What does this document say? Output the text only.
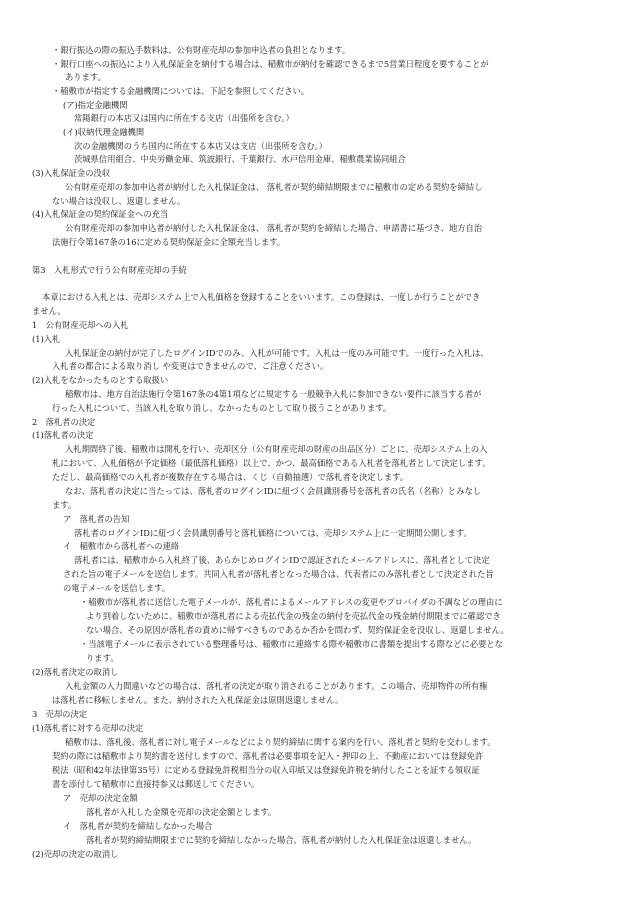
・銀行振込の際の振込手数料は、公有財産売却の参加申込者の負担となります。
・銀行口座への振込により入札保証金を納付する場合は、稲敷市が納付を確認できるまで5営業日程度を要することが
あります。
・稲敷市が指定する金融機関については、下記を参照してください。
(ア)指定金融機関
常陽銀行の本店又は国内に所在する支店（出張所を含む。）
(イ)収納代理金融機関
次の金融機関のうち国内に所在する本店又は支店（出張所を含む。）
茨城県信用組合、中央労働金庫、筑波銀行、千葉銀行、水戸信用金庫、稲敷農業協同組合
(3)入札保証金の没収
公有財産売却の参加申込者が納付した入札保証金は、 落札者が契約締結期限までに稲敷市の定める契約を締結し
ない場合は没収し、返還しません。
(4)入札保証金の契約保証金への充当
公有財産売却の参加申込者が納付した入札保証金は、 落札者が契約を締結した場合、申請書に基づき、地方自治
法施行令第167条の16に定める契約保証金に全額充当します。
第3　入札形式で行う公有財産売却の手続
本章における入札とは、売却システム上で入札価格を登録することをいいます。この登録は、一度しか行うことができ
ません。
1　公有財産売却への入札
(1)入札
入札保証金の納付が完了したログインIDでのみ、入札が可能です。入札は一度のみ可能です。一度行った入札は、
入札者の都合による取り消し や変更はできませんので、ご注意ください。
(2)入札をなかったものとする取扱い
稲敷市は、地方自治法施行令第167条の4第1項などに規定する一般競争入札に参加できない要件に該当する者が
行った入札について、当該入札を取り消し、なかったものとして取り扱うことがあります。
2　落札者の決定
(1)落札者の決定
入札期間終了後、稲敷市は開札を行い、売却区分（公有財産売却の財産の出品区分）ごとに、売却システム上の入
札において、入札価格が予定価格（最低落札価格）以上で、かつ、最高価格である入札者を落札者として決定します。
ただし、最高価格での入札者が複数存在する場合は、くじ（自動抽選）で落札者を決定します。
なお、落札者の決定に当たっては、落札者のログインIDに紐づく会員識別番号を落札者の氏名（名称）とみなし
ます。
ア　落札者の告知
落札者のログインIDに紐づく会員識別番号と落札価格については、売却システム上に一定期間公開します。
イ　稲敷市から落札者への連絡
落札者には、稲敷市から入札終了後、あらかじめログインIDで認証されたメールアドレスに、落札者として決定
された旨の電子メールを送信します。共同入札者が落札者となった場合は、代表者にのみ落札者として決定された旨
の電子メールを送信します。
・稲敷市が落札者に送信した電子メールが、落札者によるメールアドレスの変更やプロバイダの不調などの理由に
より到着しないために、稲敷市が落札者による売払代金の残金の納付を売払代金の残金納付期限までに確認でき
ない場合、その原因が落札者の責めに帰すべきものであるか否かを問わず、契約保証金を没収し、返還しません。
・当該電子メールに表示されている整理番号は、稲敷市に連絡する際や稲敷市に書類を提出する際などに必要とな
ります。
(2)落札者決定の取消し
入札金額の入力間違いなどの場合は、落札者の決定が取り消されることがあります。この場合、売却物件の所有権
は落札者に移転しません。また、納付された入札保証金は原則返還しません。
3　売却の決定
(1)落札者に対する売却の決定
稲敷市は、落札後、落札者に対し電子メールなどにより契約締結に関する案内を行い、落札者と契約を交わします。
契約の際には稲敷市より契約書を送付しますので、落札者は必要事項を記入・押印の上、不動産においては登録免許
税法（昭和42年法律第35号）に定める登録免許税相当分の収入印紙又は登録免許税を納付したことを証する領収証
書を添付して稲敷市に直接持参又は郵送してください。
ア　売却の決定金額
落札者が入札した金額を売却の決定金額とします。
イ　落札者が契約を締結しなかった場合
落札者が契約締結期限までに契約を締結しなかった場合、落札者が納付した入札保証金は返還しません。
(2)売却の決定の取消し
